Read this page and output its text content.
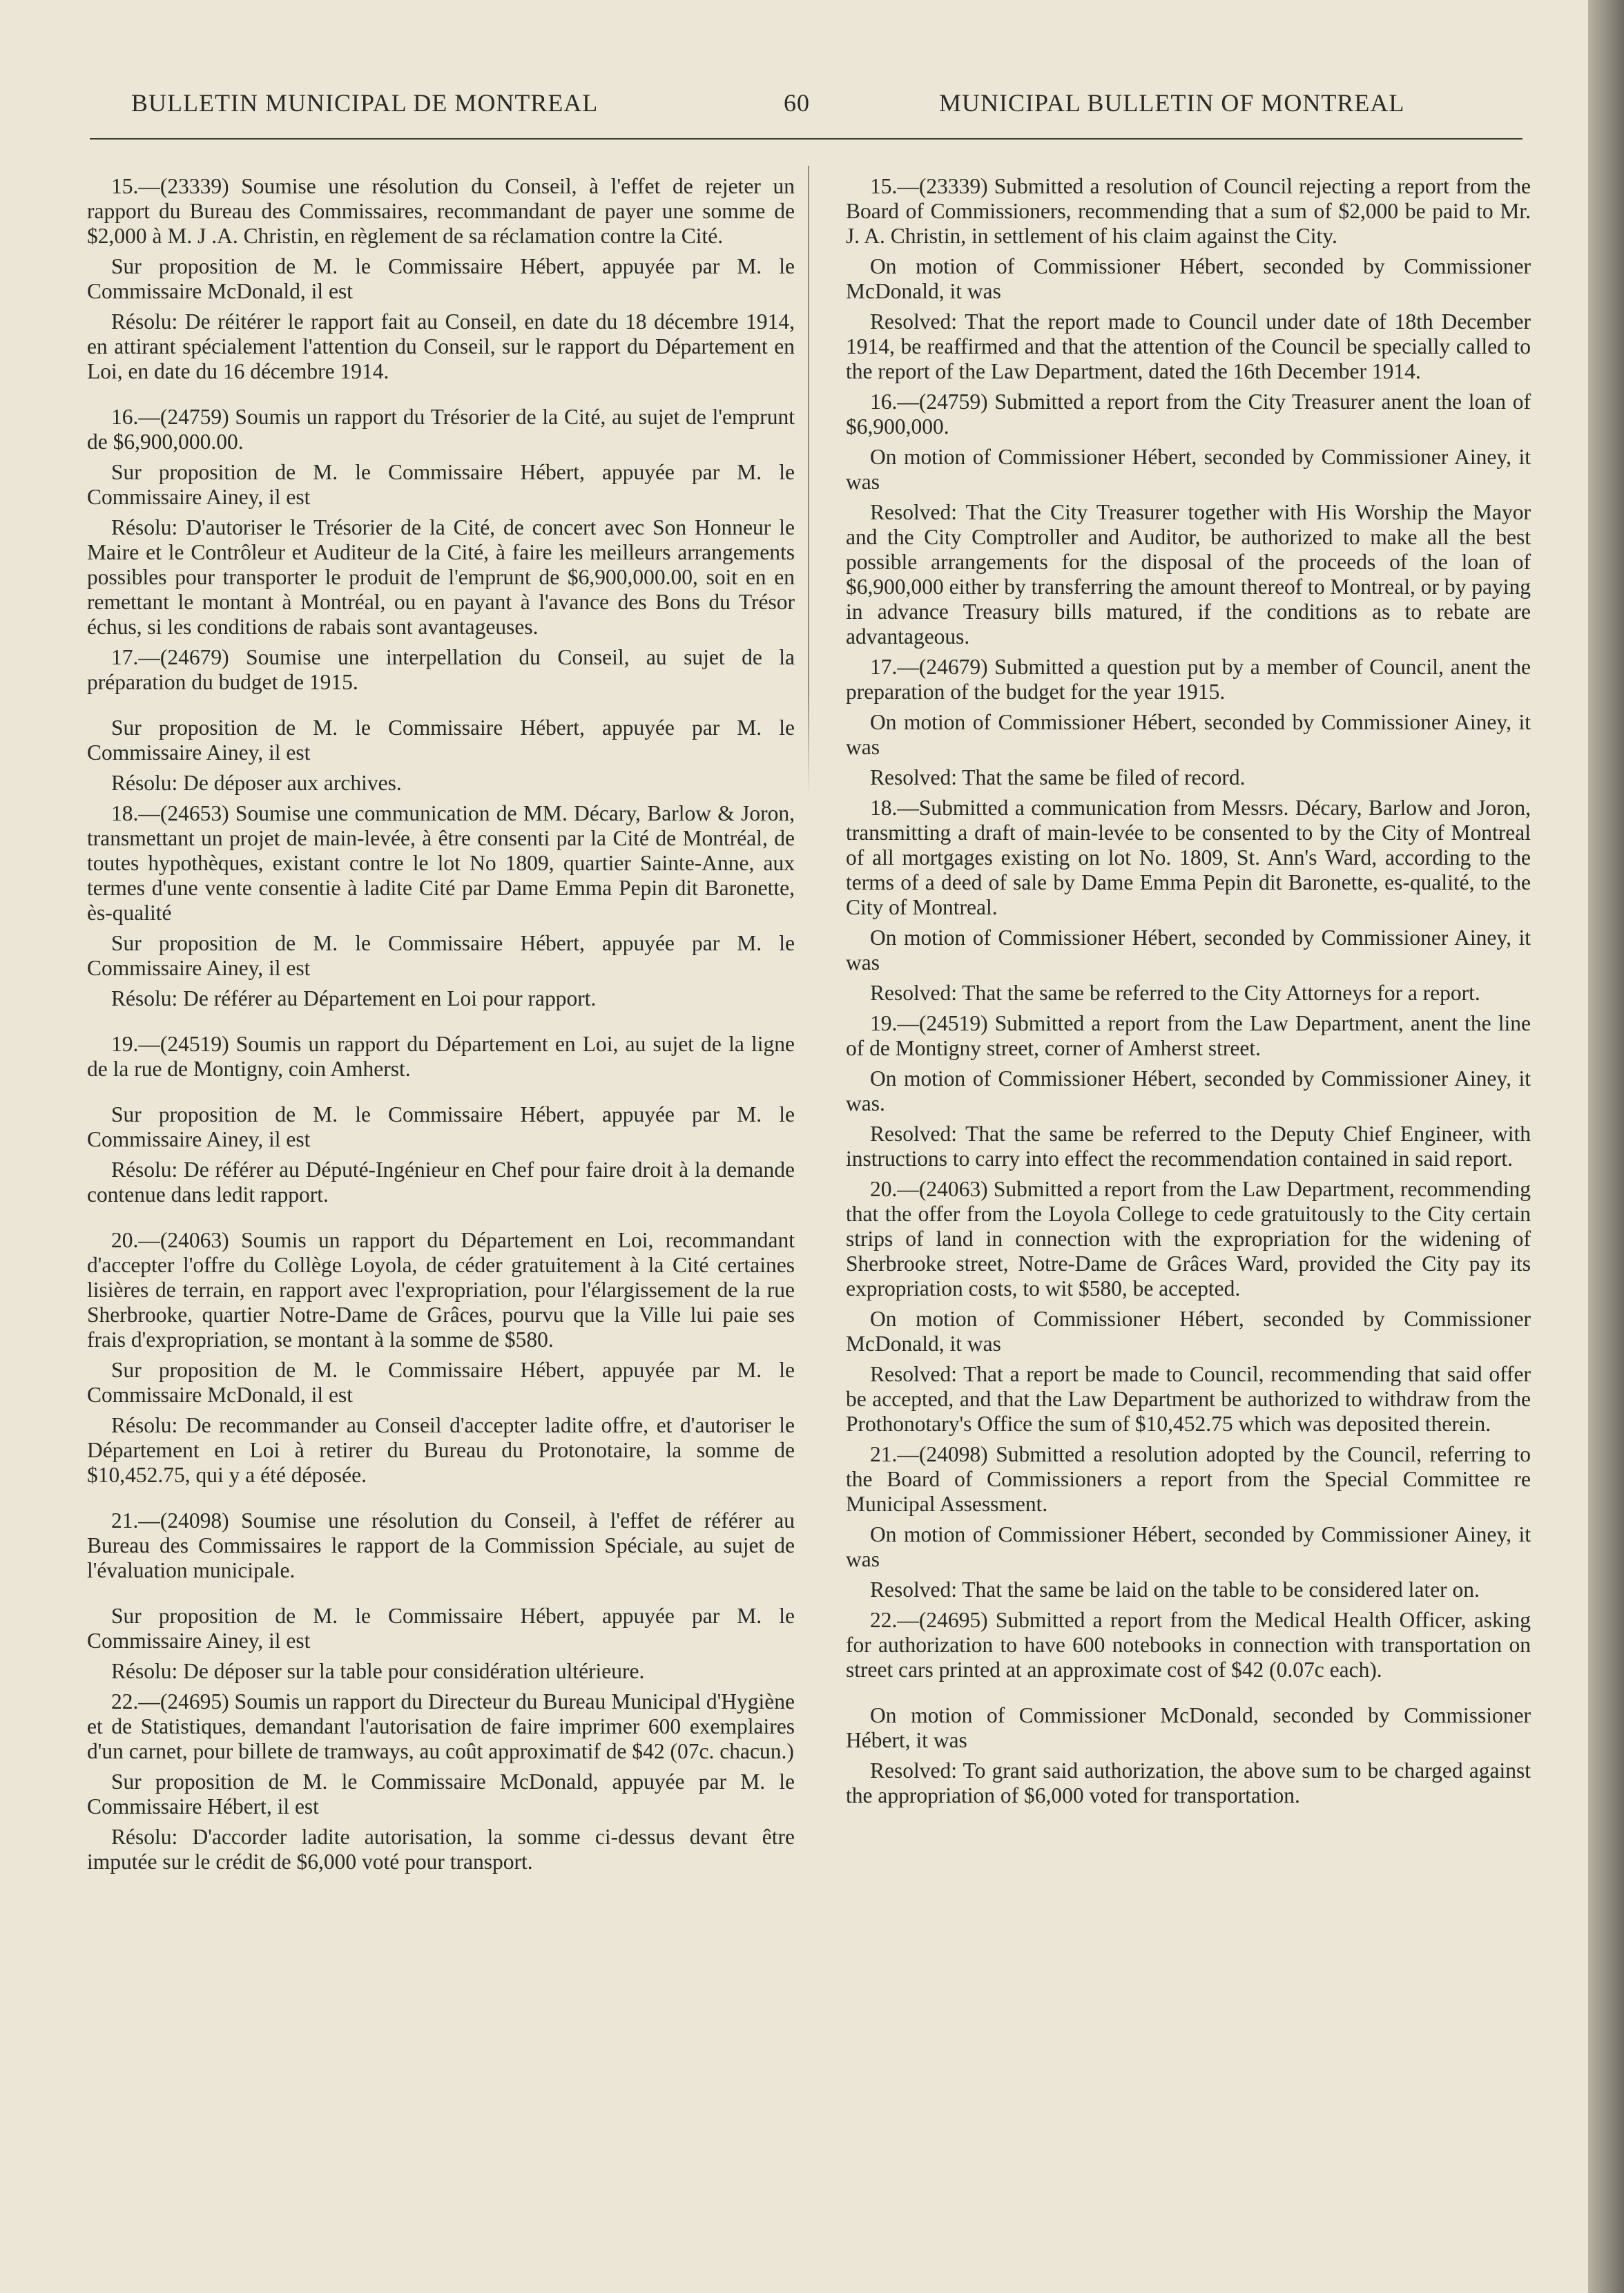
BULLETIN MUNICIPAL DE MONTREAL	60	MUNICIPAL BULLETIN OF MONTREAL

15.—(23339) Soumise une résolution du Conseil, à l'effet de rejeter un rapport du Bureau des Commissaires, recommandant de payer une somme de $2,000 à M. J .A. Christin, en règlement de sa réclamation contre la Cité.

Sur proposition de M. le Commissaire Hébert, appuyée par M. le Commissaire McDonald, il est

Résolu: De réitérer le rapport fait au Conseil, en date du 18 décembre 1914, en attirant spécialement l'attention du Conseil, sur le rapport du Département en Loi, en date du 16 décembre 1914.

16.—(24759) Soumis un rapport du Trésorier de la Cité, au sujet de l'emprunt de $6,900,000.00.

Sur proposition de M. le Commissaire Hébert, appuyée par M. le Commissaire Ainey, il est

Résolu: D'autoriser le Trésorier de la Cité, de concert avec Son Honneur le Maire et le Contrôleur et Auditeur de la Cité, à faire les meilleurs arrangements possibles pour transporter le produit de l'emprunt de $6,900,000.00, soit en en remettant le montant à Montréal, ou en payant à l'avance des Bons du Trésor échus, si les conditions de rabais sont avantageuses.

17.—(24679) Soumise une interpellation du Conseil, au sujet de la préparation du budget de 1915.

Sur proposition de M. le Commissaire Hébert, appuyée par M. le Commissaire Ainey, il est

Résolu: De déposer aux archives.

18.—(24653) Soumise une communication de MM. Décary, Barlow & Joron, transmettant un projet de main-levée, à être consenti par la Cité de Montréal, de toutes hypothèques, existant contre le lot No 1809, quartier Sainte-Anne, aux termes d'une vente consentie à ladite Cité par Dame Emma Pepin dit Baronette, ès-qualité

Sur proposition de M. le Commissaire Hébert, appuyée par M. le Commissaire Ainey, il est

Résolu: De référer au Département en Loi pour rapport.

19.—(24519) Soumis un rapport du Département en Loi, au sujet de la ligne de la rue de Montigny, coin Amherst.

Sur proposition de M. le Commissaire Hébert, appuyée par M. le Commissaire Ainey, il est

Résolu: De référer au Député-Ingénieur en Chef pour faire droit à la demande contenue dans ledit rapport.

20.—(24063) Soumis un rapport du Département en Loi, recommandant d'accepter l'offre du Collège Loyola, de céder gratuitement à la Cité certaines lisières de terrain, en rapport avec l'expropriation, pour l'élargissement de la rue Sherbrooke, quartier Notre-Dame de Grâces, pourvu que la Ville lui paie ses frais d'expropriation, se montant à la somme de $580.

Sur proposition de M. le Commissaire Hébert, appuyée par M. le Commissaire McDonald, il est

Résolu: De recommander au Conseil d'accepter ladite offre, et d'autoriser le Département en Loi à retirer du Bureau du Protonotaire, la somme de $10,452.75, qui y a été déposée.

21.—(24098) Soumise une résolution du Conseil, à l'effet de référer au Bureau des Commissaires le rapport de la Commission Spéciale, au sujet de l'évaluation municipale.

Sur proposition de M. le Commissaire Hébert, appuyée par M. le Commissaire Ainey, il est

Résolu: De déposer sur la table pour considération ultérieure.

22.—(24695) Soumis un rapport du Directeur du Bureau Municipal d'Hygiène et de Statistiques, demandant l'autorisation de faire imprimer 600 exemplaires d'un carnet, pour billete de tramways, au coût approximatif de $42 (07c. chacun.)

Sur proposition de M. le Commissaire McDonald, appuyée par M. le Commissaire Hébert, il est

Résolu: D'accorder ladite autorisation, la somme ci-dessus devant être imputée sur le crédit de $6,000 voté pour transport.

15.—(23339) Submitted a resolution of Council rejecting a report from the Board of Commissioners, recommending that a sum of $2,000 be paid to Mr. J. A. Christin, in settlement of his claim against the City.

On motion of Commissioner Hébert, seconded by Commissioner McDonald, it was

Resolved: That the report made to Council under date of 18th December 1914, be reaffirmed and that the attention of the Council be specially called to the report of the Law Department, dated the 16th December 1914.

16.—(24759) Submitted a report from the City Treasurer anent the loan of $6,900,000.

On motion of Commissioner Hébert, seconded by Commissioner Ainey, it was

Resolved: That the City Treasurer together with His Worship the Mayor and the City Comptroller and Auditor, be authorized to make all the best possible arrangements for the disposal of the proceeds of the loan of $6,900,000 either by transferring the amount thereof to Montreal, or by paying in advance Treasury bills matured, if the conditions as to rebate are advantageous.

17.—(24679) Submitted a question put by a member of Council, anent the preparation of the budget for the year 1915.

On motion of Commissioner Hébert, seconded by Commissioner Ainey, it was

Resolved: That the same be filed of record.

18.—Submitted a communication from Messrs. Décary, Barlow and Joron, transmitting a draft of main-levée to be consented to by the City of Montreal of all mortgages existing on lot No. 1809, St. Ann's Ward, according to the terms of a deed of sale by Dame Emma Pepin dit Baronette, es-qualité, to the City of Montreal.

On motion of Commissioner Hébert, seconded by Commissioner Ainey, it was

Resolved: That the same be referred to the City Attorneys for a report.

19.—(24519) Submitted a report from the Law Department, anent the line of de Montigny street, corner of Amherst street.

On motion of Commissioner Hébert, seconded by Commissioner Ainey, it was.

Resolved: That the same be referred to the Deputy Chief Engineer, with instructions to carry into effect the recommendation contained in said report.

20.—(24063) Submitted a report from the Law Department, recommending that the offer from the Loyola College to cede gratuitously to the City certain strips of land in connection with the expropriation for the widening of Sherbrooke street, Notre-Dame de Grâces Ward, provided the City pay its expropriation costs, to wit $580, be accepted.

On motion of Commissioner Hébert, seconded by Commissioner McDonald, it was

Resolved: That a report be made to Council, recommending that said offer be accepted, and that the Law Department be authorized to withdraw from the Prothonotary's Office the sum of $10,452.75 which was deposited therein.

21.—(24098) Submitted a resolution adopted by the Council, referring to the Board of Commissioners a report from the Special Committee re Municipal Assessment.

On motion of Commissioner Hébert, seconded by Commissioner Ainey, it was

Resolved: That the same be laid on the table to be considered later on.

22.—(24695) Submitted a report from the Medical Health Officer, asking for authorization to have 600 notebooks in connection with transportation on street cars printed at an approximate cost of $42 (0.07c each).

On motion of Commissioner McDonald, seconded by Commissioner Hébert, it was

Resolved: To grant said authorization, the above sum to be charged against the appropriation of $6,000 voted for transportation.
